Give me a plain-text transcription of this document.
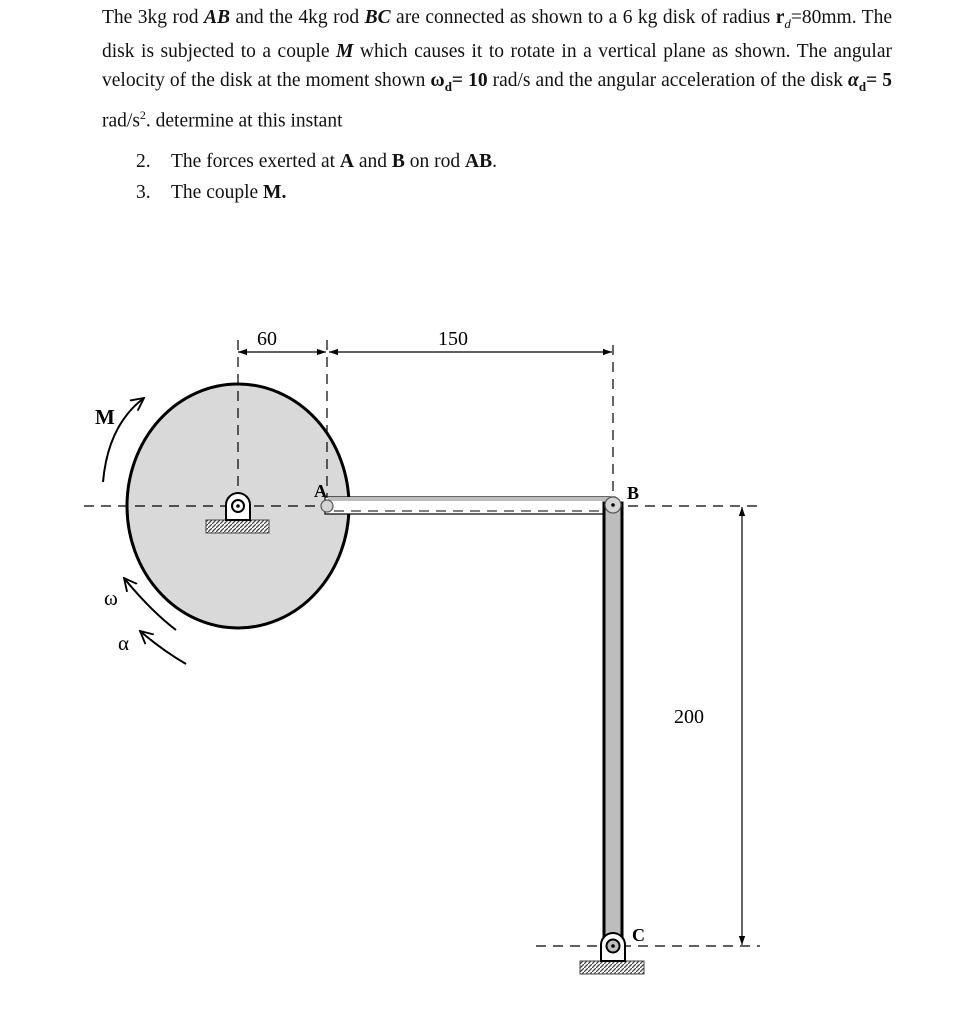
The 3kg rod AB and the 4kg rod BC are connected as shown to a 6 kg disk of radius $r_d=80mm$. The disk is subjected to a couple M which causes it to rotate in a vertical plane as shown. The angular velocity of the disk at the moment shown $\omega_d= 10$ rad/s and the angular acceleration of the disk $\alpha_d= 5$ rad/$s^2$. determine at this instant

2. The forces exerted at A and B on rod AB.
3. The couple M.
60	150
200
M
A	B
C
ω
α
